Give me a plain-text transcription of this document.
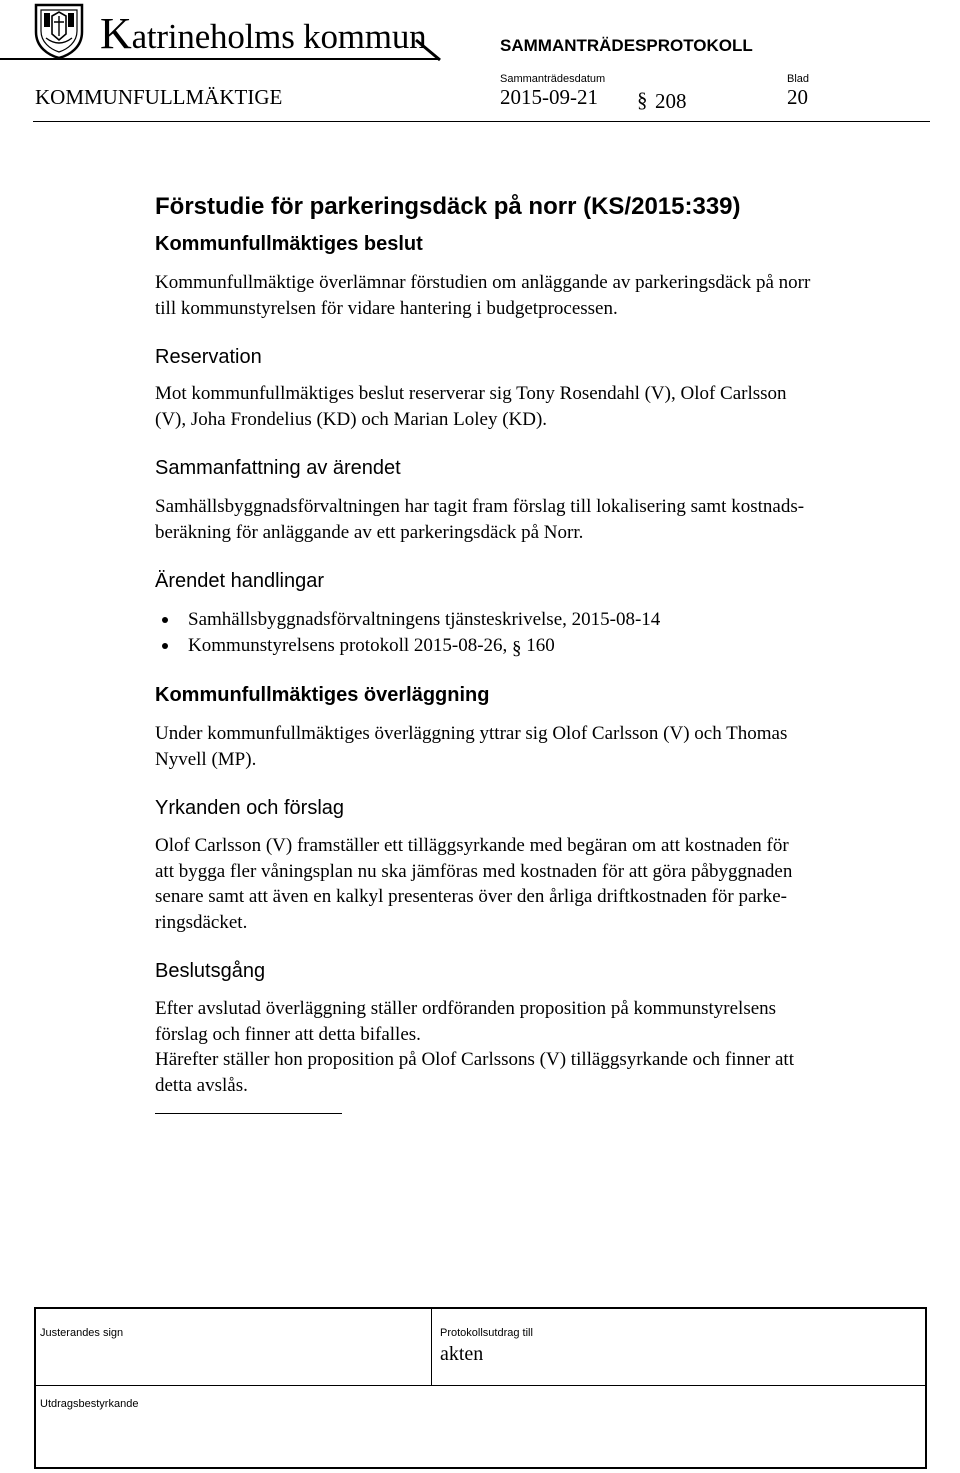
Katrineholms kommun	SAMMANTRÄDESPROTOKOLL
Sammanträdesdatum	Blad
KOMMUNFULLMÄKTIGE	2015-09-21 § 208	20
Förstudie för parkeringsdäck på norr (KS/2015:339)
Kommunfullmäktiges beslut

Kommunfullmäktige överlämnar förstudien om anläggande av parkeringsdäck på norr

till kommunstyrelsen för vidare hantering i budgetprocessen.

Reservation

Mot kommunfullmäktiges beslut reserverar sig Tony Rosendahl (V), Olof Carlsson

(V), Joha Frondelius (KD) och Marian Loley (KD).

Sammanfattning av ärendet

Samhällsbyggnadsförvaltningen har tagit fram förslag till lokalisering samt kostnads-

beräkning för anläggande av ett parkeringsdäck på Norr.

Ärendet handlingar
Samhällsbyggnadsförvaltningens tjänsteskrivelse, 2015-08-14
Kommunstyrelsens protokoll 2015-08-26, § 160
Kommunfullmäktiges överläggning

Under kommunfullmäktiges överläggning yttrar sig Olof Carlsson (V) och Thomas

Nyvell (MP).

Yrkanden och förslag

Olof Carlsson (V) framställer ett tilläggsyrkande med begäran om att kostnaden för

att bygga fler våningsplan nu ska jämföras med kostnaden för att göra påbyggnaden

senare samt att även en kalkyl presenteras över den årliga driftkostnaden för parke-

ringsdäcket.

Beslutsgång

Efter avslutad överläggning ställer ordföranden proposition på kommunstyrelsens

förslag och finner att detta bifalles.

Härefter ställer hon proposition på Olof Carlssons (V) tilläggsyrkande och finner att

detta avslås.

Justerandes sign	Protokollsutdrag till
akten
Utdragsbestyrkande
